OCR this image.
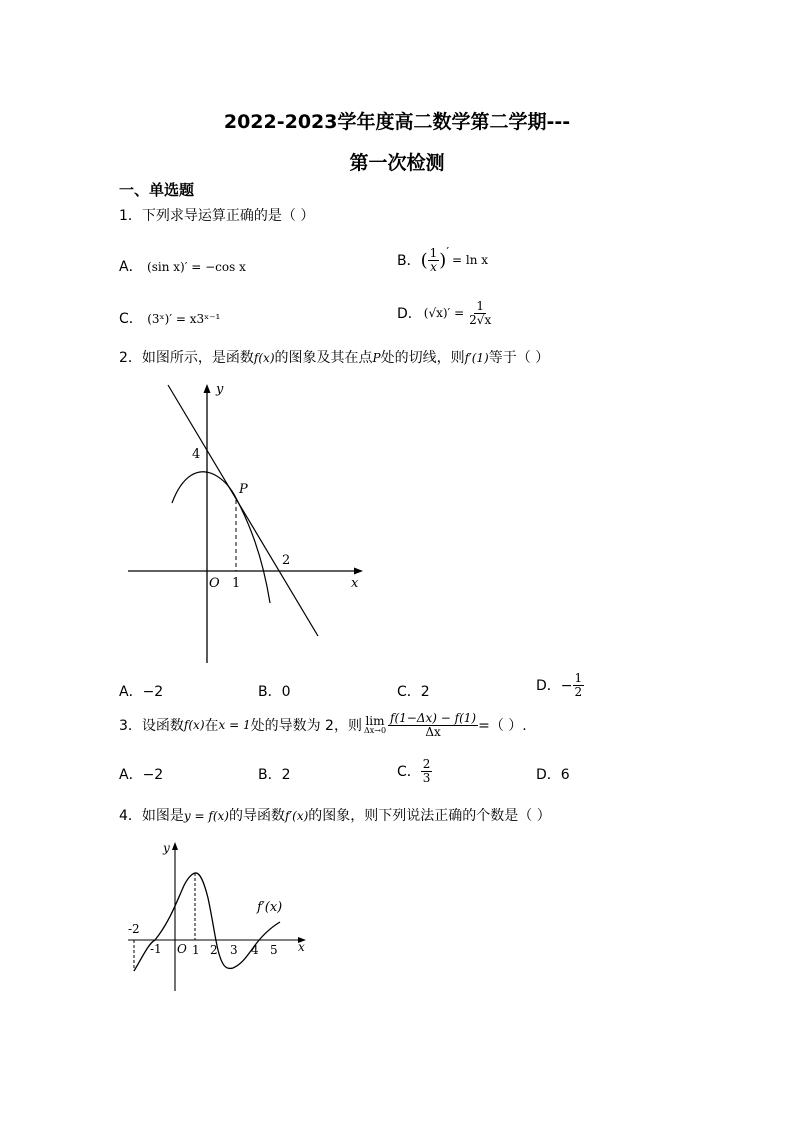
2022-2023学年度高二数学第二学期---
第一次检测
一、单选题
1．下列求导运算正确的是（ ）
A． (sin x)′ = −cos x	B． ( $\frac{1}{x}$ ) ′
= ln x
C． (3ˣ)′ = x3ˣ⁻¹	D． $(√x)' = \frac{1}{2√x}$
2．如图所示，是函数f(x)的图象及其在点P处的切线，则f′(1)等于（ ）
y
x
O 1
4
2
P
A．−2	B．0	C．2	D．− $\frac{1}{2}$
3．设函数 f(x) 在 x = 1 处的导数为 2，则 lim
$\Delta x\to 0 \frac{f(1-\Delta x) - f(1)}{\Delta x}$ =（ ）.
A．−2	B．2	C． $\frac{2}{3}$	D．6
4．如图是y = f(x)的导函数f′(x)的图象，则下列说法正确的个数是（ ）
y
x
O
-2
-1	1 2 3 4 5
f′(x)
